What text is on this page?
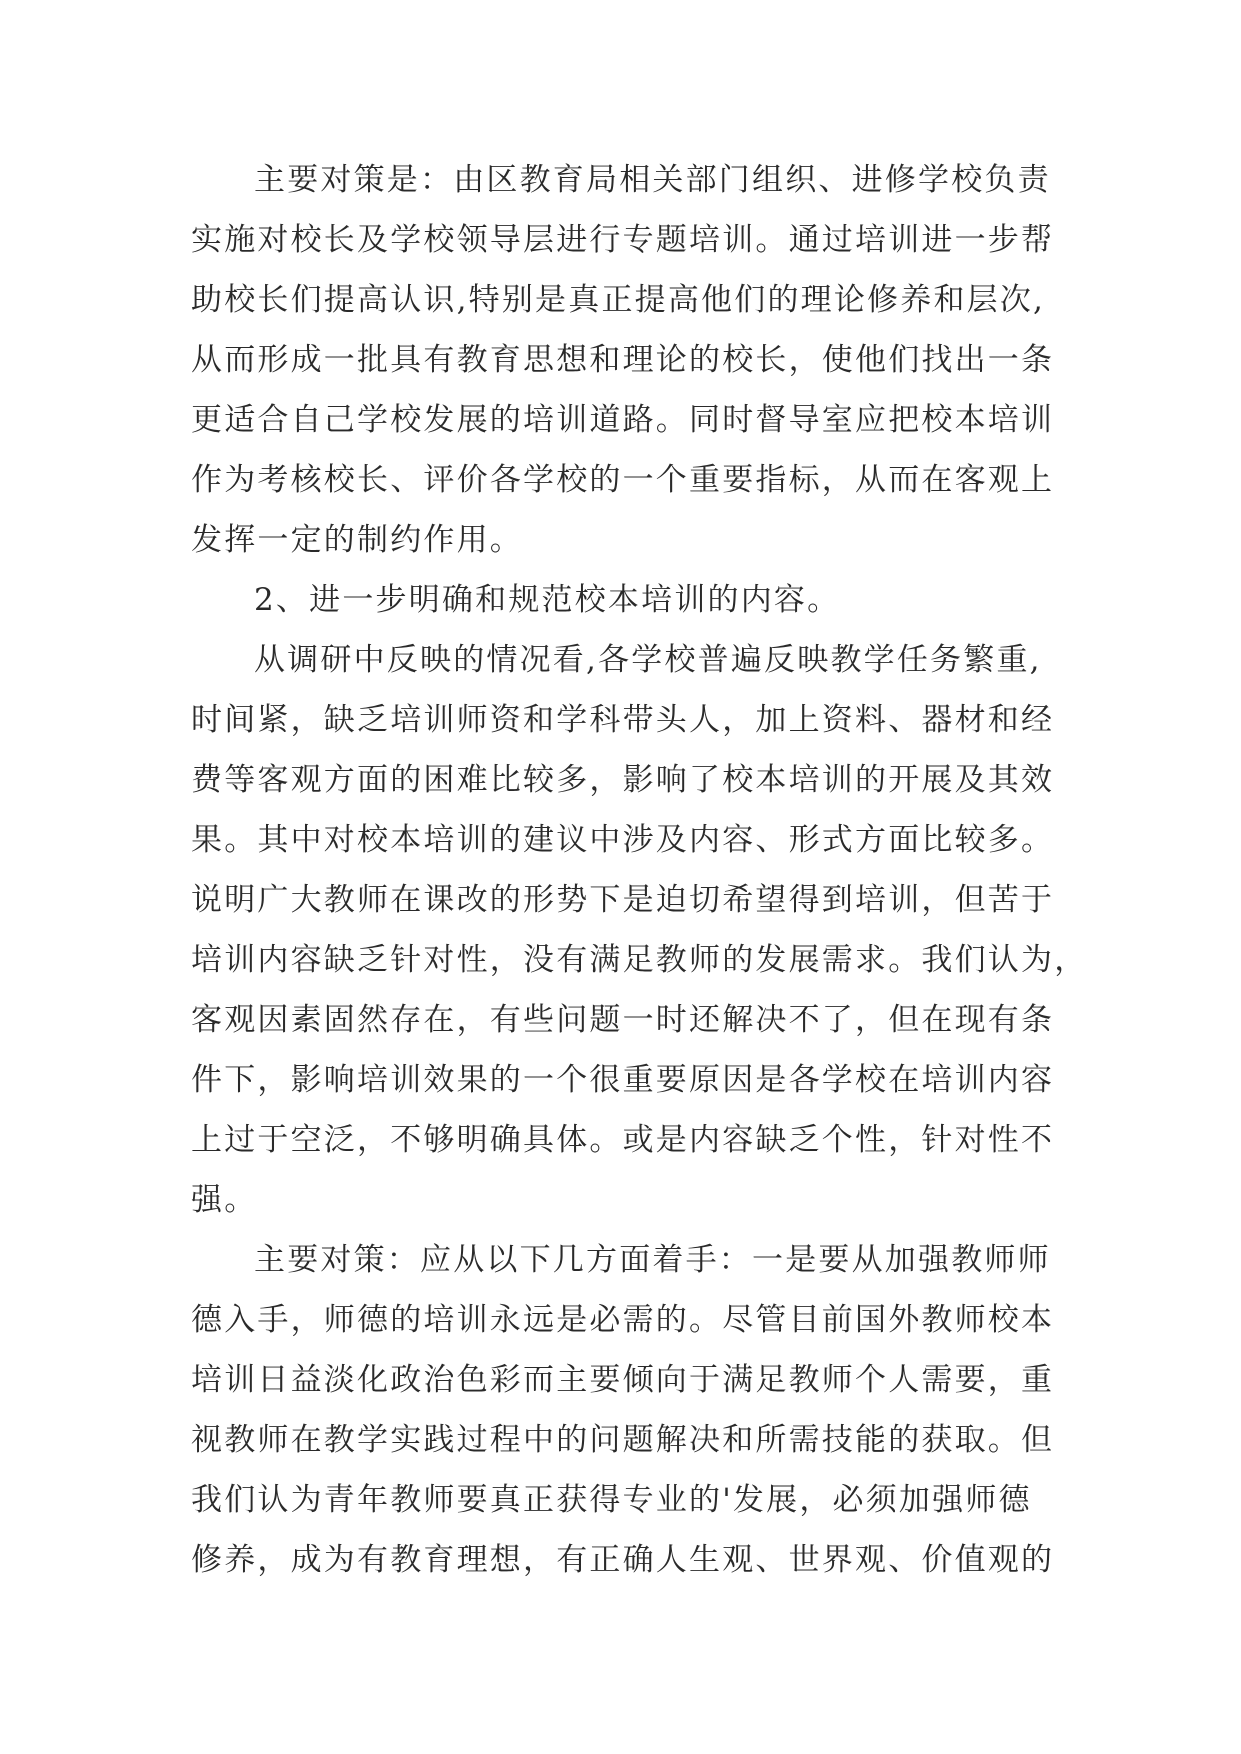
主要对策是：由区教育局相关部门组织、进修学校负责
实施对校长及学校领导层进行专题培训。通过培训进一步帮
助校长们提高认识,特别是真正提高他们的理论修养和层次,
从而形成一批具有教育思想和理论的校长，使他们找出一条
更适合自己学校发展的培训道路。同时督导室应把校本培训
作为考核校长、评价各学校的一个重要指标，从而在客观上
发挥一定的制约作用。
2、进一步明确和规范校本培训的内容。
从调研中反映的情况看,各学校普遍反映教学任务繁重,
时间紧，缺乏培训师资和学科带头人，加上资料、器材和经
费等客观方面的困难比较多，影响了校本培训的开展及其效
果。其中对校本培训的建议中涉及内容、形式方面比较多。
说明广大教师在课改的形势下是迫切希望得到培训，但苦于
培训内容缺乏针对性，没有满足教师的发展需求。我们认为，
客观因素固然存在，有些问题一时还解决不了，但在现有条
件下，影响培训效果的一个很重要原因是各学校在培训内容
上过于空泛，不够明确具体。或是内容缺乏个性，针对性不
强。
主要对策：应从以下几方面着手：一是要从加强教师师
德入手，师德的培训永远是必需的。尽管目前国外教师校本
培训日益淡化政治色彩而主要倾向于满足教师个人需要，重
视教师在教学实践过程中的问题解决和所需技能的获取。但
我们认为青年教师要真正获得专业的'发展，必须加强师德
修养，成为有教育理想，有正确人生观、世界观、价值观的
